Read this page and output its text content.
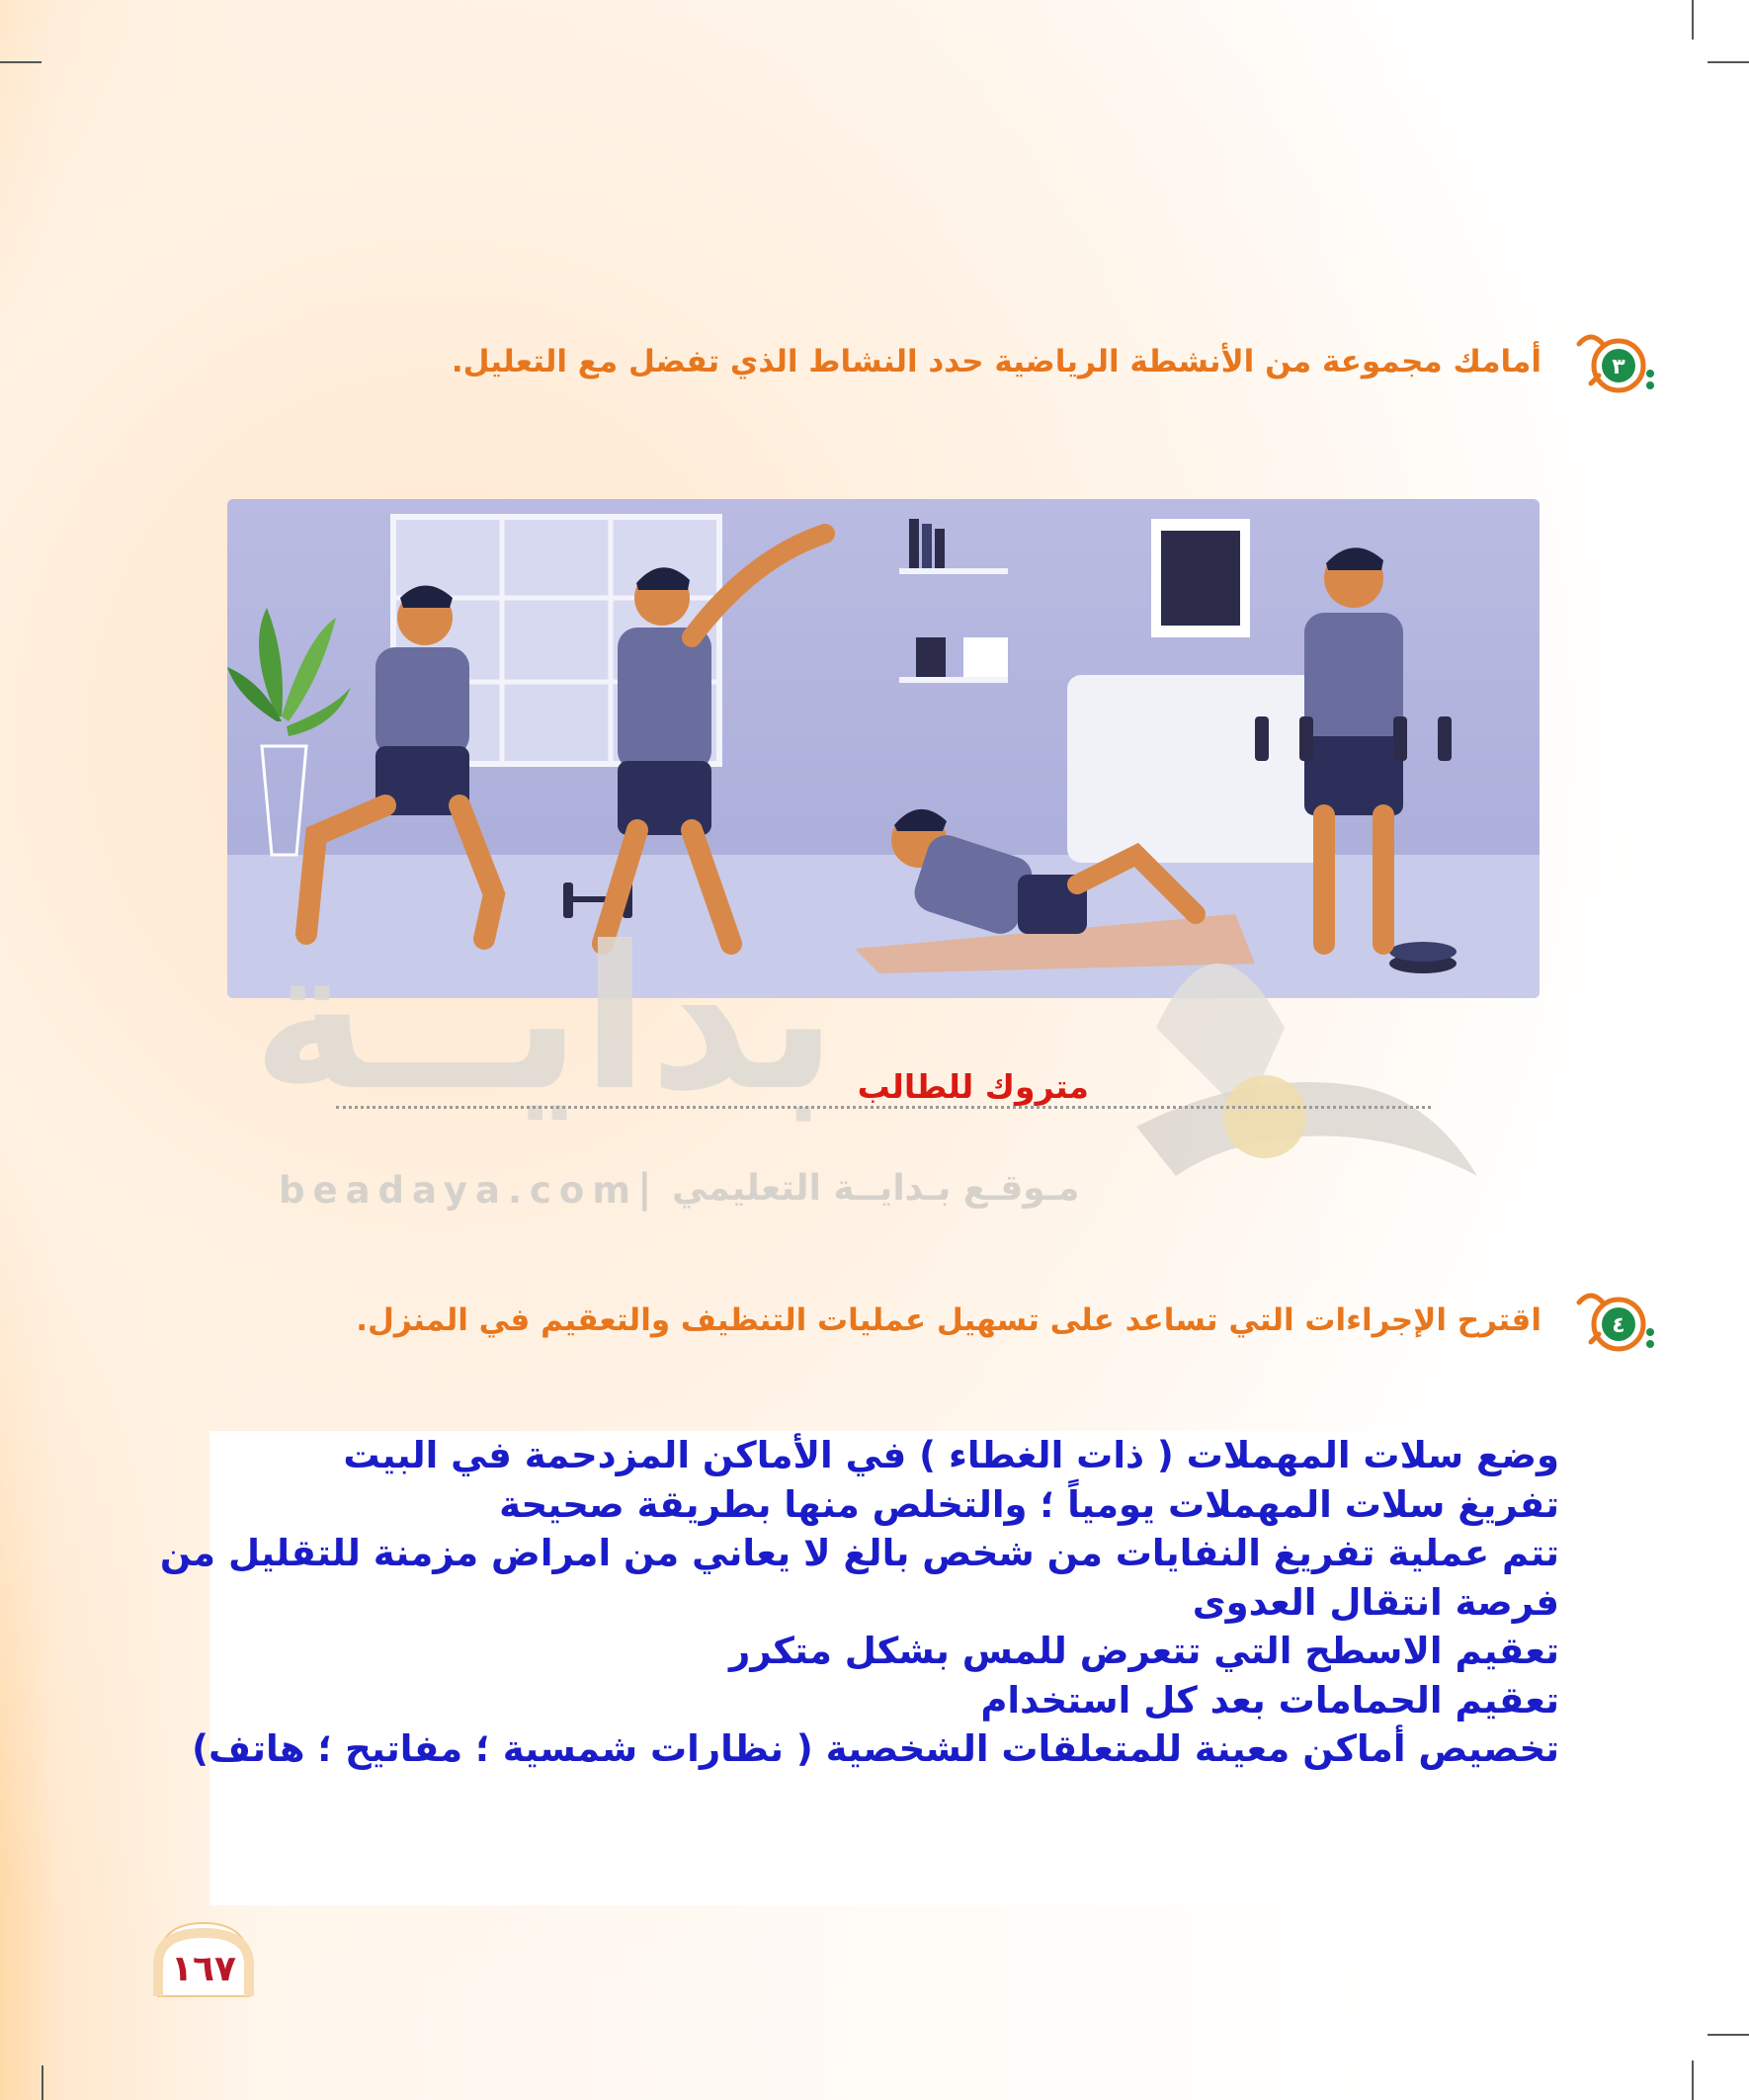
٣
أمامك مجموعة من الأنشطة الرياضية حدد النشاط الذي تفضل مع التعليل.
بدايــة
beadaya.com | مـوقـع بـدايــة التعليمي
متروك للطالب
٤
اقترح الإجراءات التي تساعد على تسهيل عمليات التنظيف والتعقيم في المنزل.

وضع سلات المهملات ( ذات الغطاء ) في الأماكن المزدحمة في البيت

تفريغ سلات المهملات يومياً ؛ والتخلص منها بطريقة صحيحة

تتم عملية تفريغ النفايات من شخص بالغ لا يعاني من امراض مزمنة للتقليل من

فرصة انتقال العدوى

تعقيم الاسطح التي تتعرض للمس بشكل متكرر

تعقيم الحمامات بعد كل استخدام

تخصيص أماكن معينة للمتعلقات الشخصية ( نظارات شمسية ؛ مفاتيح ؛ هاتف)

١٦٧
